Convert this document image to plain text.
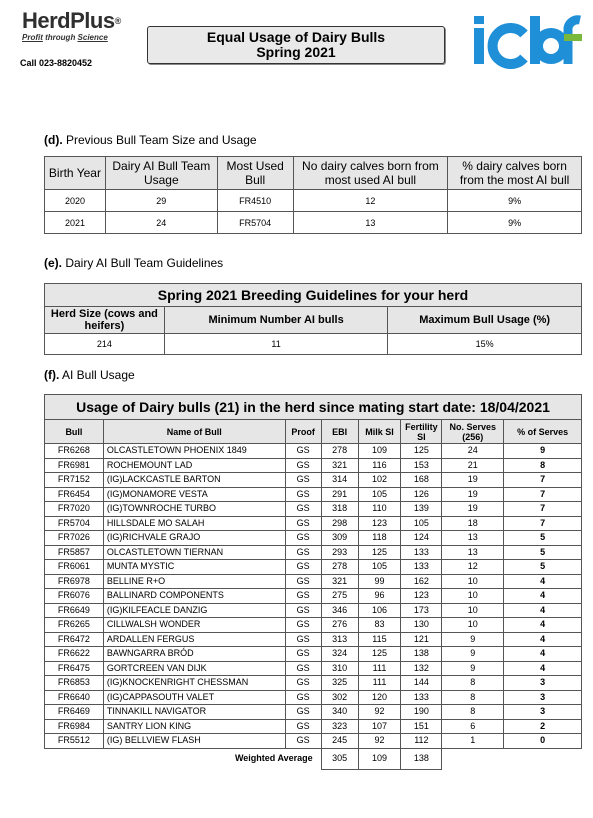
HerdPlus®
Profit through Science
Call 023-8820452
Equal Usage of Dairy Bulls
Spring 2021
(d). Previous Bull Team Size and Usage
Birth Year	Dairy AI Bull Team Usage	Most Used Bull	No dairy calves born from most used AI bull	% dairy calves born from the most AI bull
2020	29	FR4510	12	9%
2021	24	FR5704	13	9%
(e). Dairy AI Bull Team Guidelines
Spring 2021 Breeding Guidelines for your herd		
Herd Size (cows and heifers)	Minimum Number AI bulls	Maximum Bull Usage (%)
214	11	15%
(f). AI Bull Usage
Usage of Dairy bulls (21) in the herd since mating start date: 18/04/2021							
Bull	Name of Bull	Proof	EBI	Milk SI	Fertility SI	No. Serves (256)	% of Serves
FR6268	OLCASTLETOWN PHOENIX 1849	GS	278	109	125	24	9
FR6981	ROCHEMOUNT LAD	GS	321	116	153	21	8
FR7152	(IG)LACKCASTLE BARTON	GS	314	102	168	19	7
FR6454	(IG)MONAMORE VESTA	GS	291	105	126	19	7
FR7020	(IG)TOWNROCHE TURBO	GS	318	110	139	19	7
FR5704	HILLSDALE MO SALAH	GS	298	123	105	18	7
FR7026	(IG)RICHVALE GRAJO	GS	309	118	124	13	5
FR5857	OLCASTLETOWN TIERNAN	GS	293	125	133	13	5
FR6061	MUNTA MYSTIC	GS	278	105	133	12	5
FR6978	BELLINE R+O	GS	321	99	162	10	4
FR6076	BALLINARD COMPONENTS	GS	275	96	123	10	4
FR6649	(IG)KILFEACLE DANZIG	GS	346	106	173	10	4
FR6265	CILLWALSH WONDER	GS	276	83	130	10	4
FR6472	ARDALLEN FERGUS	GS	313	115	121	9	4
FR6622	BAWNGARRA BRÓD	GS	324	125	138	9	4
FR6475	GORTCREEN VAN DIJK	GS	310	111	132	9	4
FR6853	(IG)KNOCKENRIGHT CHESSMAN	GS	325	111	144	8	3
FR6640	(IG)CAPPASOUTH VALET	GS	302	120	133	8	3
FR6469	TINNAKILL NAVIGATOR	GS	340	92	190	8	3
FR6984	SANTRY LION KING	GS	323	107	151	6	2
FR5512	(IG) BELLVIEW FLASH	GS	245	92	112	1	0
Weighted Average			305	109	138		
